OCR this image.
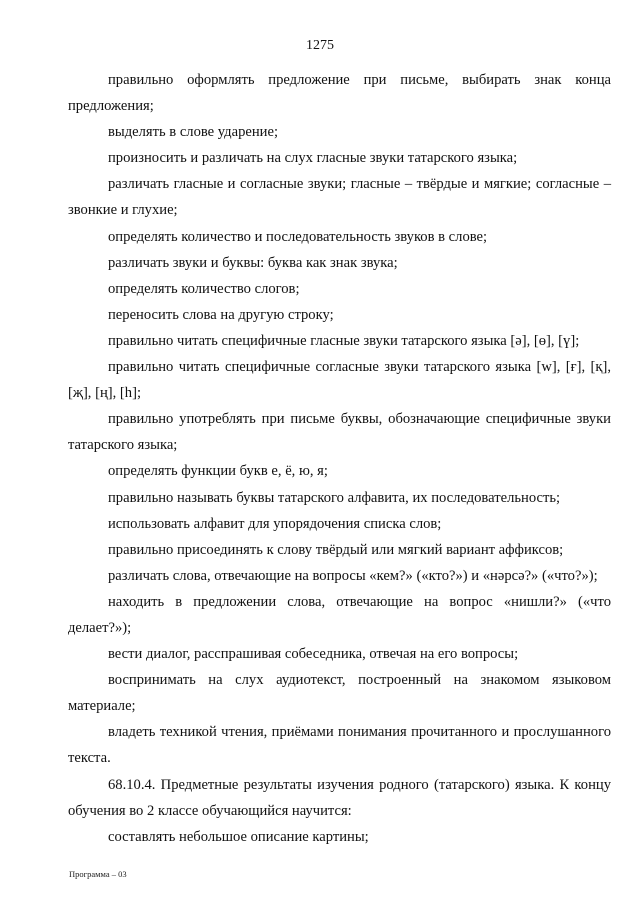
1275

правильно оформлять предложение при письме, выбирать знак конца предложения;

выделять в слове ударение;

произносить и различать на слух гласные звуки татарского языка;

различать гласные и согласные звуки; гласные – твёрдые и мягкие; согласные – звонкие и глухие;

определять количество и последовательность звуков в слове;

различать звуки и буквы: буква как знак звука;

определять количество слогов;

переносить слова на другую строку;

правильно читать специфичные гласные звуки татарского языка [ә], [ө], [ү];

правильно читать специфичные согласные звуки татарского языка [w], [ғ], [қ], [җ], [ң], [һ];

правильно употреблять при письме буквы, обозначающие специфичные звуки татарского языка;

определять функции букв е, ё, ю, я;

правильно называть буквы татарского алфавита, их последовательность;

использовать алфавит для упорядочения списка слов;

правильно присоединять к слову твёрдый или мягкий вариант аффиксов;

различать слова, отвечающие на вопросы «кем?» («кто?») и «нәрсә?» («что?»);

находить в предложении слова, отвечающие на вопрос «нишли?» («что делает?»);

вести диалог, расспрашивая собеседника, отвечая на его вопросы;

воспринимать на слух аудиотекст, построенный на знакомом языковом материале;

владеть техникой чтения, приёмами понимания прочитанного и прослушанного текста.

68.10.4. Предметные результаты изучения родного (татарского) языка. К концу обучения во 2 классе обучающийся научится:

составлять небольшое описание картины;

Программа – 03
